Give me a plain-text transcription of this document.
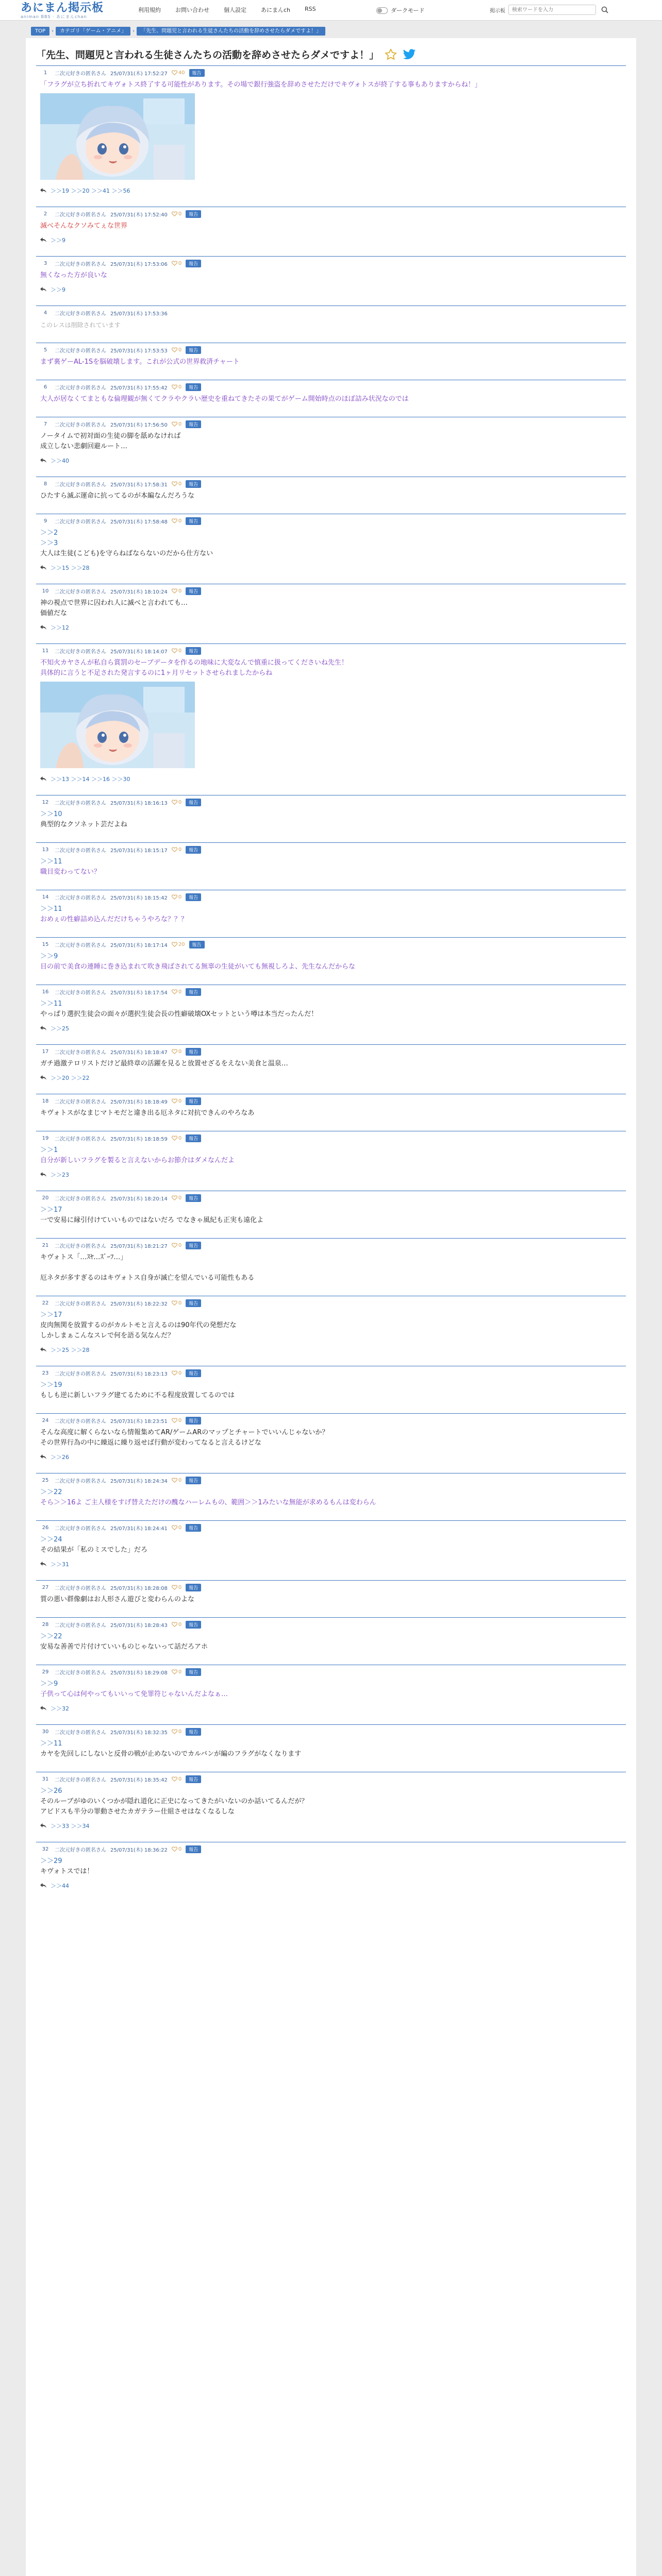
あにまん掲示板
animan BBS · あにまんchan
利用規約	お問い合わせ	個人設定	あにまんch	RSS	ダークモード	掲示板
検索ワードを入力
TOP	›	カテゴリ「ゲーム・アニメ」	›	「先生、問題児と言われる生徒さんたちの活動を辞めさせたらダメですよ！」
「先生、問題児と言われる生徒さんたちの活動を辞めさせたらダメですよ！」
1	二次元好きの匿名さん 25/07/31(木) 17:52:27 40	報告
「フラグが立ち折れてキヴォトス終了する可能性があります。その場で銀行強盗を辞めさせただけでキヴォトスが終了する事もありますからね！」
＞＞19 ＞＞20 ＞＞41 ＞＞56
2	二次元好きの匿名さん 25/07/31(木) 17:52:40 0	報告
滅べそんなクソみてぇな世界
＞＞9
3	二次元好きの匿名さん 25/07/31(木) 17:53:06 0	報告
無くなった方が良いな
＞＞9
4	二次元好きの匿名さん 25/07/31(木) 17:53:36
このレスは削除されています
5	二次元好きの匿名さん 25/07/31(木) 17:53:53 0	報告
まず裏ゲーAL-1Sを脳破壊します。これが公式の世界救済チャート
6	二次元好きの匿名さん 25/07/31(木) 17:55:42 0	報告
大人が居なくてまともな倫理観が無くてクラやクラい歴史を重ねてきたその果てがゲーム開始時点のほぼ詰み状況なのでは
7	二次元好きの匿名さん 25/07/31(木) 17:56:50 0	報告
ノータイムで初対面の生徒の脚を舐めなければ
成立しない悲劇回避ルート…
＞＞40
8	二次元好きの匿名さん 25/07/31(木) 17:58:31 0	報告
ひたすら滅ぶ運命に抗ってるのが本編なんだろうな
9	二次元好きの匿名さん 25/07/31(木) 17:58:48 0	報告
＞＞2
＞＞3
大人は生徒(こども)を守らねばならないのだから仕方ない
＞＞15 ＞＞28
10	二次元好きの匿名さん 25/07/31(木) 18:10:24 0	報告
神の視点で世界に囚われ人に滅べと言われても…
価値だな
＞＞12
11	二次元好きの匿名さん 25/07/31(木) 18:14:07 0	報告
不知火カヤさんが私自ら賞罰のセーブデータを作るの地味に大変なんで慎重に扱ってくださいね先生！
具体的に言うと不足された発言するのに1ヶ月リセットさせられましたからね
＞＞13 ＞＞14 ＞＞16 ＞＞30
12	二次元好きの匿名さん 25/07/31(木) 18:16:13 0	報告
＞＞10
典型的なクソネット芸だよね
13	二次元好きの匿名さん 25/07/31(木) 18:15:17 0	報告
＞＞11
職目変わってない？
14	二次元好きの匿名さん 25/07/31(木) 18:15:42 0	報告
＞＞11
おめぇの性癖詰め込んだだけちゃうやろな？？？
15	二次元好きの匿名さん 25/07/31(木) 18:17:14 20	報告
＞＞9
目の前で美食の連睡に巻き込まれて吹き飛ばされてる無辜の生徒がいても無視しろよ、先生なんだからな
16	二次元好きの匿名さん 25/07/31(木) 18:17:54 0	報告
＞＞11
やっぱり選択生徒会の面々が選択生徒会長の性癖破壊OXセットという噂は本当だったんだ！
＞＞25
17	二次元好きの匿名さん 25/07/31(木) 18:18:47 0	報告
ガチ過激テロリストだけど最終章の活躍を見ると放置せざるをえない美食と温泉…
＞＞20 ＞＞22
18	二次元好きの匿名さん 25/07/31(木) 18:18:49 0	報告
キヴォトスがなまじマトモだと違き出る厄ネタに対抗できんのやろなあ
19	二次元好きの匿名さん 25/07/31(木) 18:18:59 0	報告
＞＞1
自分が新しいフラグを製ると言えないからお節介はダメなんだよ
＞＞23
20	二次元好きの匿名さん 25/07/31(木) 18:20:14 0	報告
＞＞17
一で安易に縁引付けていいものではないだろ でなきゃ風紀も正実も遠化よ
21	二次元好きの匿名さん 25/07/31(木) 18:21:27 0	報告
キヴォトス「…ｽﾔ…ｽﾞｰﾌ…」

厄ネタが多すぎるのはキヴォトス自身が滅亡を望んでいる可能性もある
22	二次元好きの匿名さん 25/07/31(木) 18:22:32 0	報告
＞＞17
皮肉無関を放置するのがカルトモと言えるのは90年代の発想だな
しかしまぁこんなスレで何を語る気なんだ？
＞＞25 ＞＞28
23	二次元好きの匿名さん 25/07/31(木) 18:23:13 0	報告
＞＞19
もしも逆に新しいフラグ建てるために不る程度放置してるのでは
24	二次元好きの匿名さん 25/07/31(木) 18:23:51 0	報告
そんな高度に解くらないなら情報集めてAR/ゲームARのマップとチャートでいいんじゃないか？
その世界行為の中に繰返に繰り返せば行動が変わってなると言えるけどな
＞＞26
25	二次元好きの匿名さん 25/07/31(木) 18:24:34 0	報告
＞＞22
そら＞＞16よ ご主人様をすげ替えただけの醜なハーレムもの、範囲＞＞1みたいな無能が求めるもんは変わらん
26	二次元好きの匿名さん 25/07/31(木) 18:24:41 0	報告
＞＞24
その結果が「私のミスでした」だろ
＞＞31
27	二次元好きの匿名さん 25/07/31(木) 18:28:08 0	報告
質の悪い群像劇はお人形さん遊びと変わらんのよな
28	二次元好きの匿名さん 25/07/31(木) 18:28:43 0	報告
＞＞22
安易な善善で片付けていいものじゃないって話だろアホ
29	二次元好きの匿名さん 25/07/31(木) 18:29:08 0	報告
＞＞9
子供って心は何やってもいいって免罪符じゃないんだよなぁ…
＞＞32
30	二次元好きの匿名さん 25/07/31(木) 18:32:35 0	報告
＞＞11
カヤを先回しにしないと反骨の戦が止めないのでカルバンが編のフラグがなくなります
31	二次元好きの匿名さん 25/07/31(木) 18:35:42 0	報告
＞＞26
そのルーブがゆのいくつかが隠れ道化に正史になってきたがいないのか話いてるんだが？
アビドスも半分の罪動させたカガテラー仕組させはなくなるしな
＞＞33 ＞＞34
32	二次元好きの匿名さん 25/07/31(木) 18:36:22 0	報告
＞＞29
キヴォトスでは！
＞＞44
